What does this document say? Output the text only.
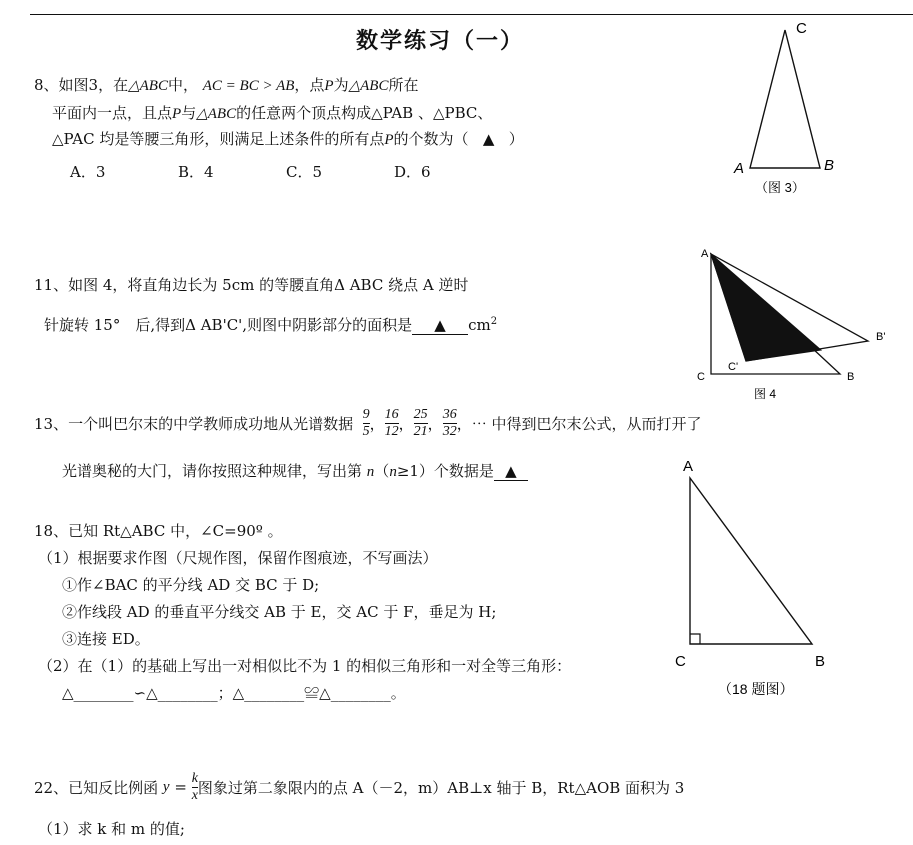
数学练习（一）
8、如图3，在△ABC中， AC = BC > AB，点P为△ABC所在
平面内一点，且点P与△ABC的任意两个顶点构成△PAB 、△PBC、
△PAC 均是等腰三角形，则满足上述条件的所有点P的个数为（ ▲ ）
A．3	B．4	C．5	D．6
C
A	B
（图 3）
11、如图 4，将直角边长为 5cm 的等腰直角Δ ABC 绕点 A 逆时
针旋转 15°　后,得到Δ AB'C',则图中阴影部分的面积是 ▲ $cm^2$
A
C	B
B'
C'
图 4
13、一个叫巴尔末的中学教师成功地从光谱数据
$\frac{9}{5}$ ， $\frac{16}{12}$ ， $\frac{25}{21}$ ， $\frac{36}{32}$ ，⋯ 中得到巴尔末公式，从而打开了
光谱奥秘的大门，请你按照这种规律，写出第 n（n≥1）个数据是 ▲
18、已知 Rt△ABC 中，∠C=90º 。
（1）根据要求作图（尺规作图，保留作图痕迹，不写画法）
①作∠BAC 的平分线 AD 交 BC 于 D;
②作线段 AD 的垂直平分线交 AB 于 E，交 AC 于 F，垂足为 H;
③连接 ED。
（2）在（1）的基础上写出一对相似比不为 1 的相似三角形和一对全等三角形：
△________∽△________；△________≌△________。
A
C	B
（18 题图）
22、已知反比例函
y
=
$\frac{k}{x}$ 图象过第二象限内的点 A（－2，m）AB⊥x 轴于 B，Rt△AOB 面积为 3
（1）求 k 和 m 的值;
